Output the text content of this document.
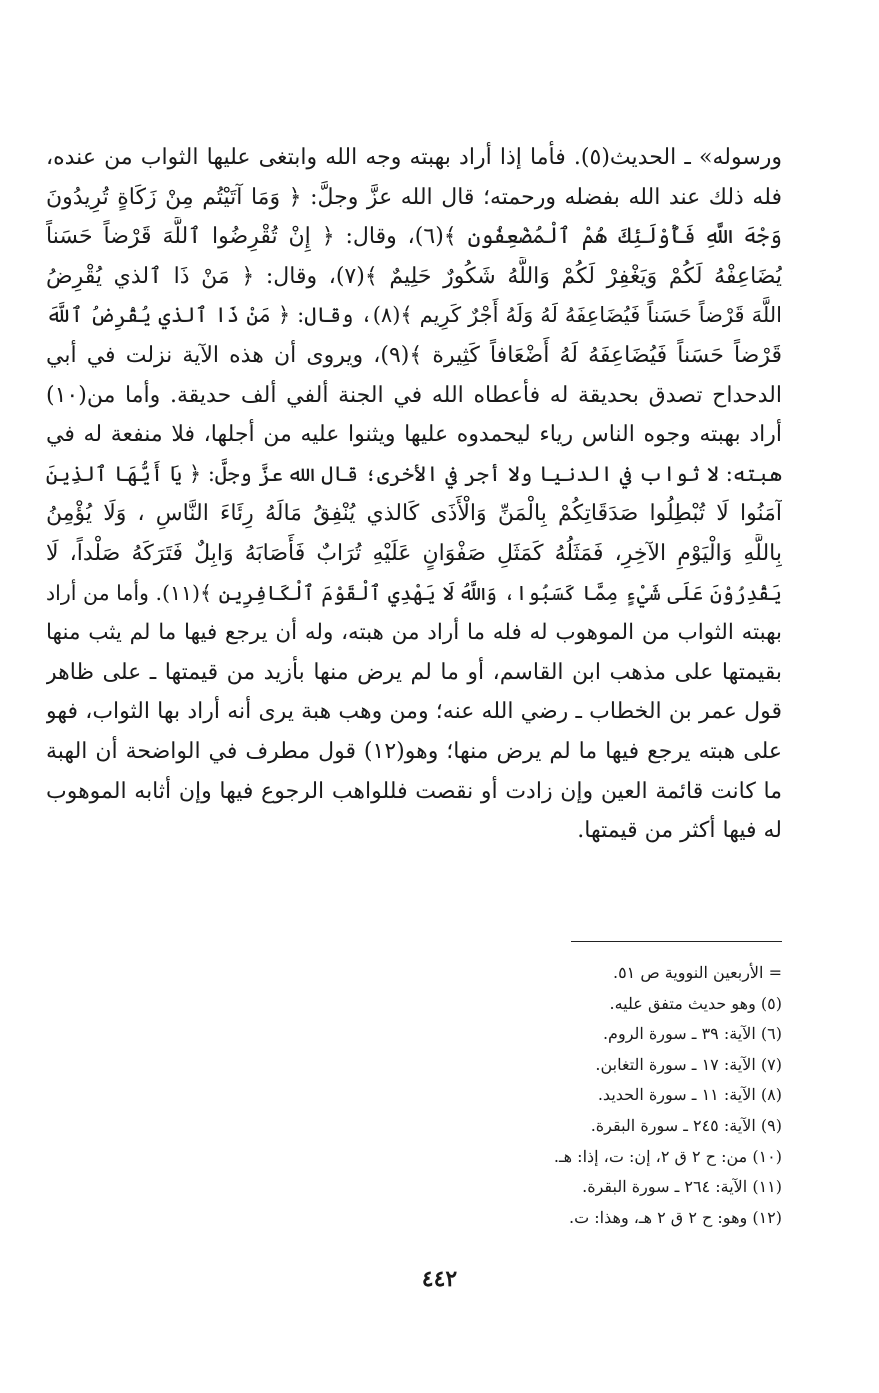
ورسوله» ـ الحديث(٥). فأما إذا أراد بهبته وجه الله وابتغى عليها الثواب من عنده،
فله ذلك عند الله بفضله ورحمته؛ قال الله عزَّ وجلَّ: ﴿ وَمَا آتَيْتُم مِنْ زَكَاةٍ تُرِيدُونَ
وَجْهَ اللَّهِ فَأُوْلَئِكَ هُمْ ٱلْمُضْعِفُون ﴾(٦)، وقال: ﴿ إِنْ تُقْرِضُوا ٱللَّهَ قَرْضاً حَسَناً
يُضَاعِفْهُ لَكُمْ وَيَغْفِرْ لَكُمْ وَاللَّهُ شَكُورٌ حَلِيمٌ ﴾(٧)، وقال: ﴿ مَنْ ذَا ٱلذي يُقْرِضُ
اللَّهَ قَرْضاً حَسَناً فَيُضَاعِفَهُ لَهُ وَلَهُ أَجْرٌ كَرِيم ﴾(٨)، وقال: ﴿ مَنْ ذَا ٱلذي يُقْرِضُ ٱللَّهَ
قَرْضاً حَسَناً فَيُضَاعِفَهُ لَهُ أَضْعَافاً كَثِيرة ﴾(٩)، ويروى أن هذه الآية نزلت في أبي
الدحداح تصدق بحديقة له فأعطاه الله في الجنة ألفي ألف حديقة. وأما من(١٠)
أراد بهبته وجوه الناس رياء ليحمدوه عليها ويثنوا عليه من أجلها، فلا منفعة له في
هبته: لا ثواب في الدنيا ولا أجر في الأخرى؛ قال الله عزَّ وجلَّ: ﴿ يَا أَيُّهَا ٱلذِينَ
آمَنُوا لَا تُبْطِلُوا صَدَقَاتِكُمْ بِالْمَنِّ وَالْأَذَى كَالذي يُنْفِقُ مَالَهُ رِئَاءَ النَّاسِ ، وَلَا يُؤْمِنُ
بِاللَّهِ وَالْيَوْمِ الآخِرِ، فَمَثَلُهُ كَمَثَلِ صَفْوَانٍ عَلَيْهِ تُرَابٌ فَأَصَابَهُ وَابِلٌ فَتَرَكَهُ صَلْداً، لَا
يَقْدِرُوْنَ عَلَى شَيْءٍ مِمَّا كَسَبُوا، وَاللَّهُ لَا يَهْدِي ٱلْقَوْمَ ٱلْكَافِرِين ﴾(١١). وأما من أراد
بهبته الثواب من الموهوب له فله ما أراد من هبته، وله أن يرجع فيها ما لم يثب منها
بقيمتها على مذهب ابن القاسم، أو ما لم يرض منها بأزيد من قيمتها ـ على ظاهر
قول عمر بن الخطاب ـ رضي الله عنه؛ ومن وهب هبة يرى أنه أراد بها الثواب، فهو
على هبته يرجع فيها ما لم يرض منها؛ وهو(١٢) قول مطرف في الواضحة أن الهبة
ما كانت قائمة العين وإن زادت أو نقصت فللواهب الرجوع فيها وإن أثابه الموهوب
له فيها أكثر من قيمتها.
= الأربعين النووية ص ٥١.
(٥) وهو حديث متفق عليه.
(٦) الآية: ٣٩ ـ سورة الروم.
(٧) الآية: ١٧ ـ سورة التغابن.
(٨) الآية: ١١ ـ سورة الحديد.
(٩) الآية: ٢٤٥ ـ سورة البقرة.
(١٠) من: ح ٢ ق ٢، إن: ت، إذا: هـ.
(١١) الآية: ٢٦٤ ـ سورة البقرة.
(١٢) وهو: ح ٢ ق ٢ هـ، وهذا: ت.
٤٤٢
